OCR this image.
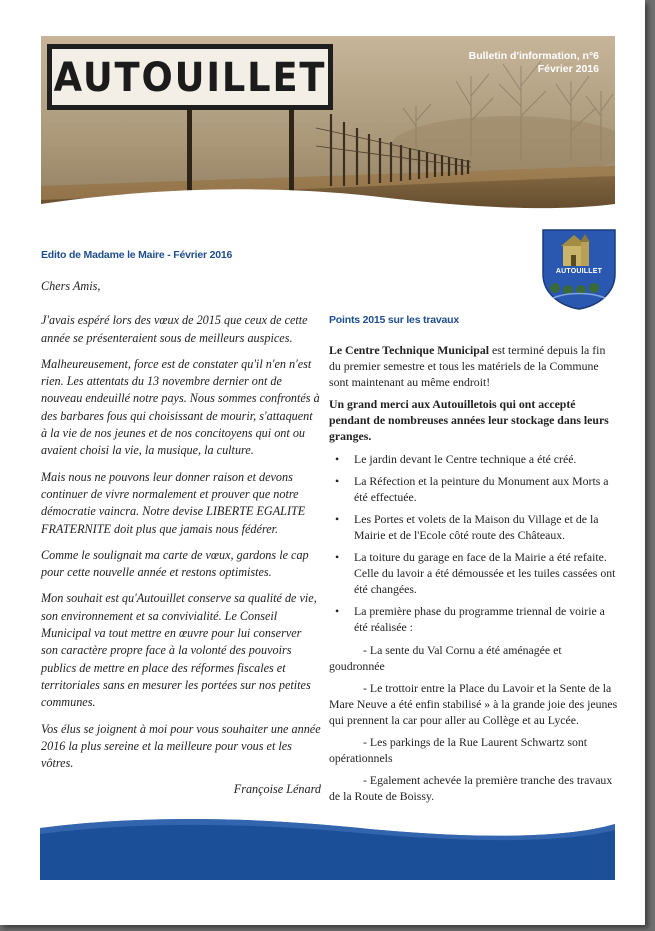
AUTOUILLET	Bulletin d'information, n°6
Février 2016
AUTOUILLET
Edito de Madame le Maire - Février 2016

Chers Amis,

J'avais espéré lors des vœux de 2015 que ceux de cette année se présenteraient sous de meilleurs auspices.

Malheureusement, force est de constater qu'il n'en n'est rien. Les attentats du 13 novembre dernier ont de nouveau endeuillé notre pays. Nous sommes confrontés à des barbares fous qui choisissant de mourir, s'attaquent à la vie de nos jeunes et de nos concitoyens qui ont ou avaient choisi la vie, la musique, la culture.

Mais nous ne pouvons leur donner raison et devons continuer de vivre normalement et prouver que notre démocratie vaincra. Notre devise LIBERTE EGALITE FRATERNITE doit plus que jamais nous fédérer.

Comme le soulignait ma carte de vœux, gardons le cap pour cette nouvelle année et restons optimistes.

Mon souhait est qu'Autouillet conserve sa qualité de vie, son environnement et sa convivialité. Le Conseil Municipal va tout mettre en œuvre pour lui conserver son caractère propre face à la volonté des pouvoirs publics de mettre en place des réformes fiscales et territoriales sans en mesurer les portées sur nos petites communes.

Vos élus se joignent à moi pour vous souhaiter une année 2016 la plus sereine et la meilleure pour vous et les vôtres.

Françoise Lénard

Points 2015 sur les travaux

Le Centre Technique Municipal est terminé depuis la fin du premier semestre et tous les matériels de la Commune sont maintenant au même endroit!

Un grand merci aux Autouilletois qui ont accepté pendant de nombreuses années leur stockage dans leurs granges.

• Le jardin devant le Centre technique a été créé.
• La Réfection et la peinture du Monument aux Morts a été effectuée.
• Les Portes et volets de la Maison du Village et de la Mairie et de l'Ecole côté route des Châteaux.
• La toiture du garage en face de la Mairie a été refaite. Celle du lavoir a été démoussée et les tuiles cassées ont été changées.
• La première phase du programme triennal de voirie a été réalisée :

- La sente du Val Cornu a été aménagée et goudronnée

- Le trottoir entre la Place du Lavoir et la Sente de la Mare Neuve a été enfin stabilisé » à la grande joie des jeunes qui prennent la car pour aller au Collège et au Lycée.

- Les parkings de la Rue Laurent Schwartz sont opérationnels

- Egalement achevée la première tranche des travaux de la Route de Boissy.
